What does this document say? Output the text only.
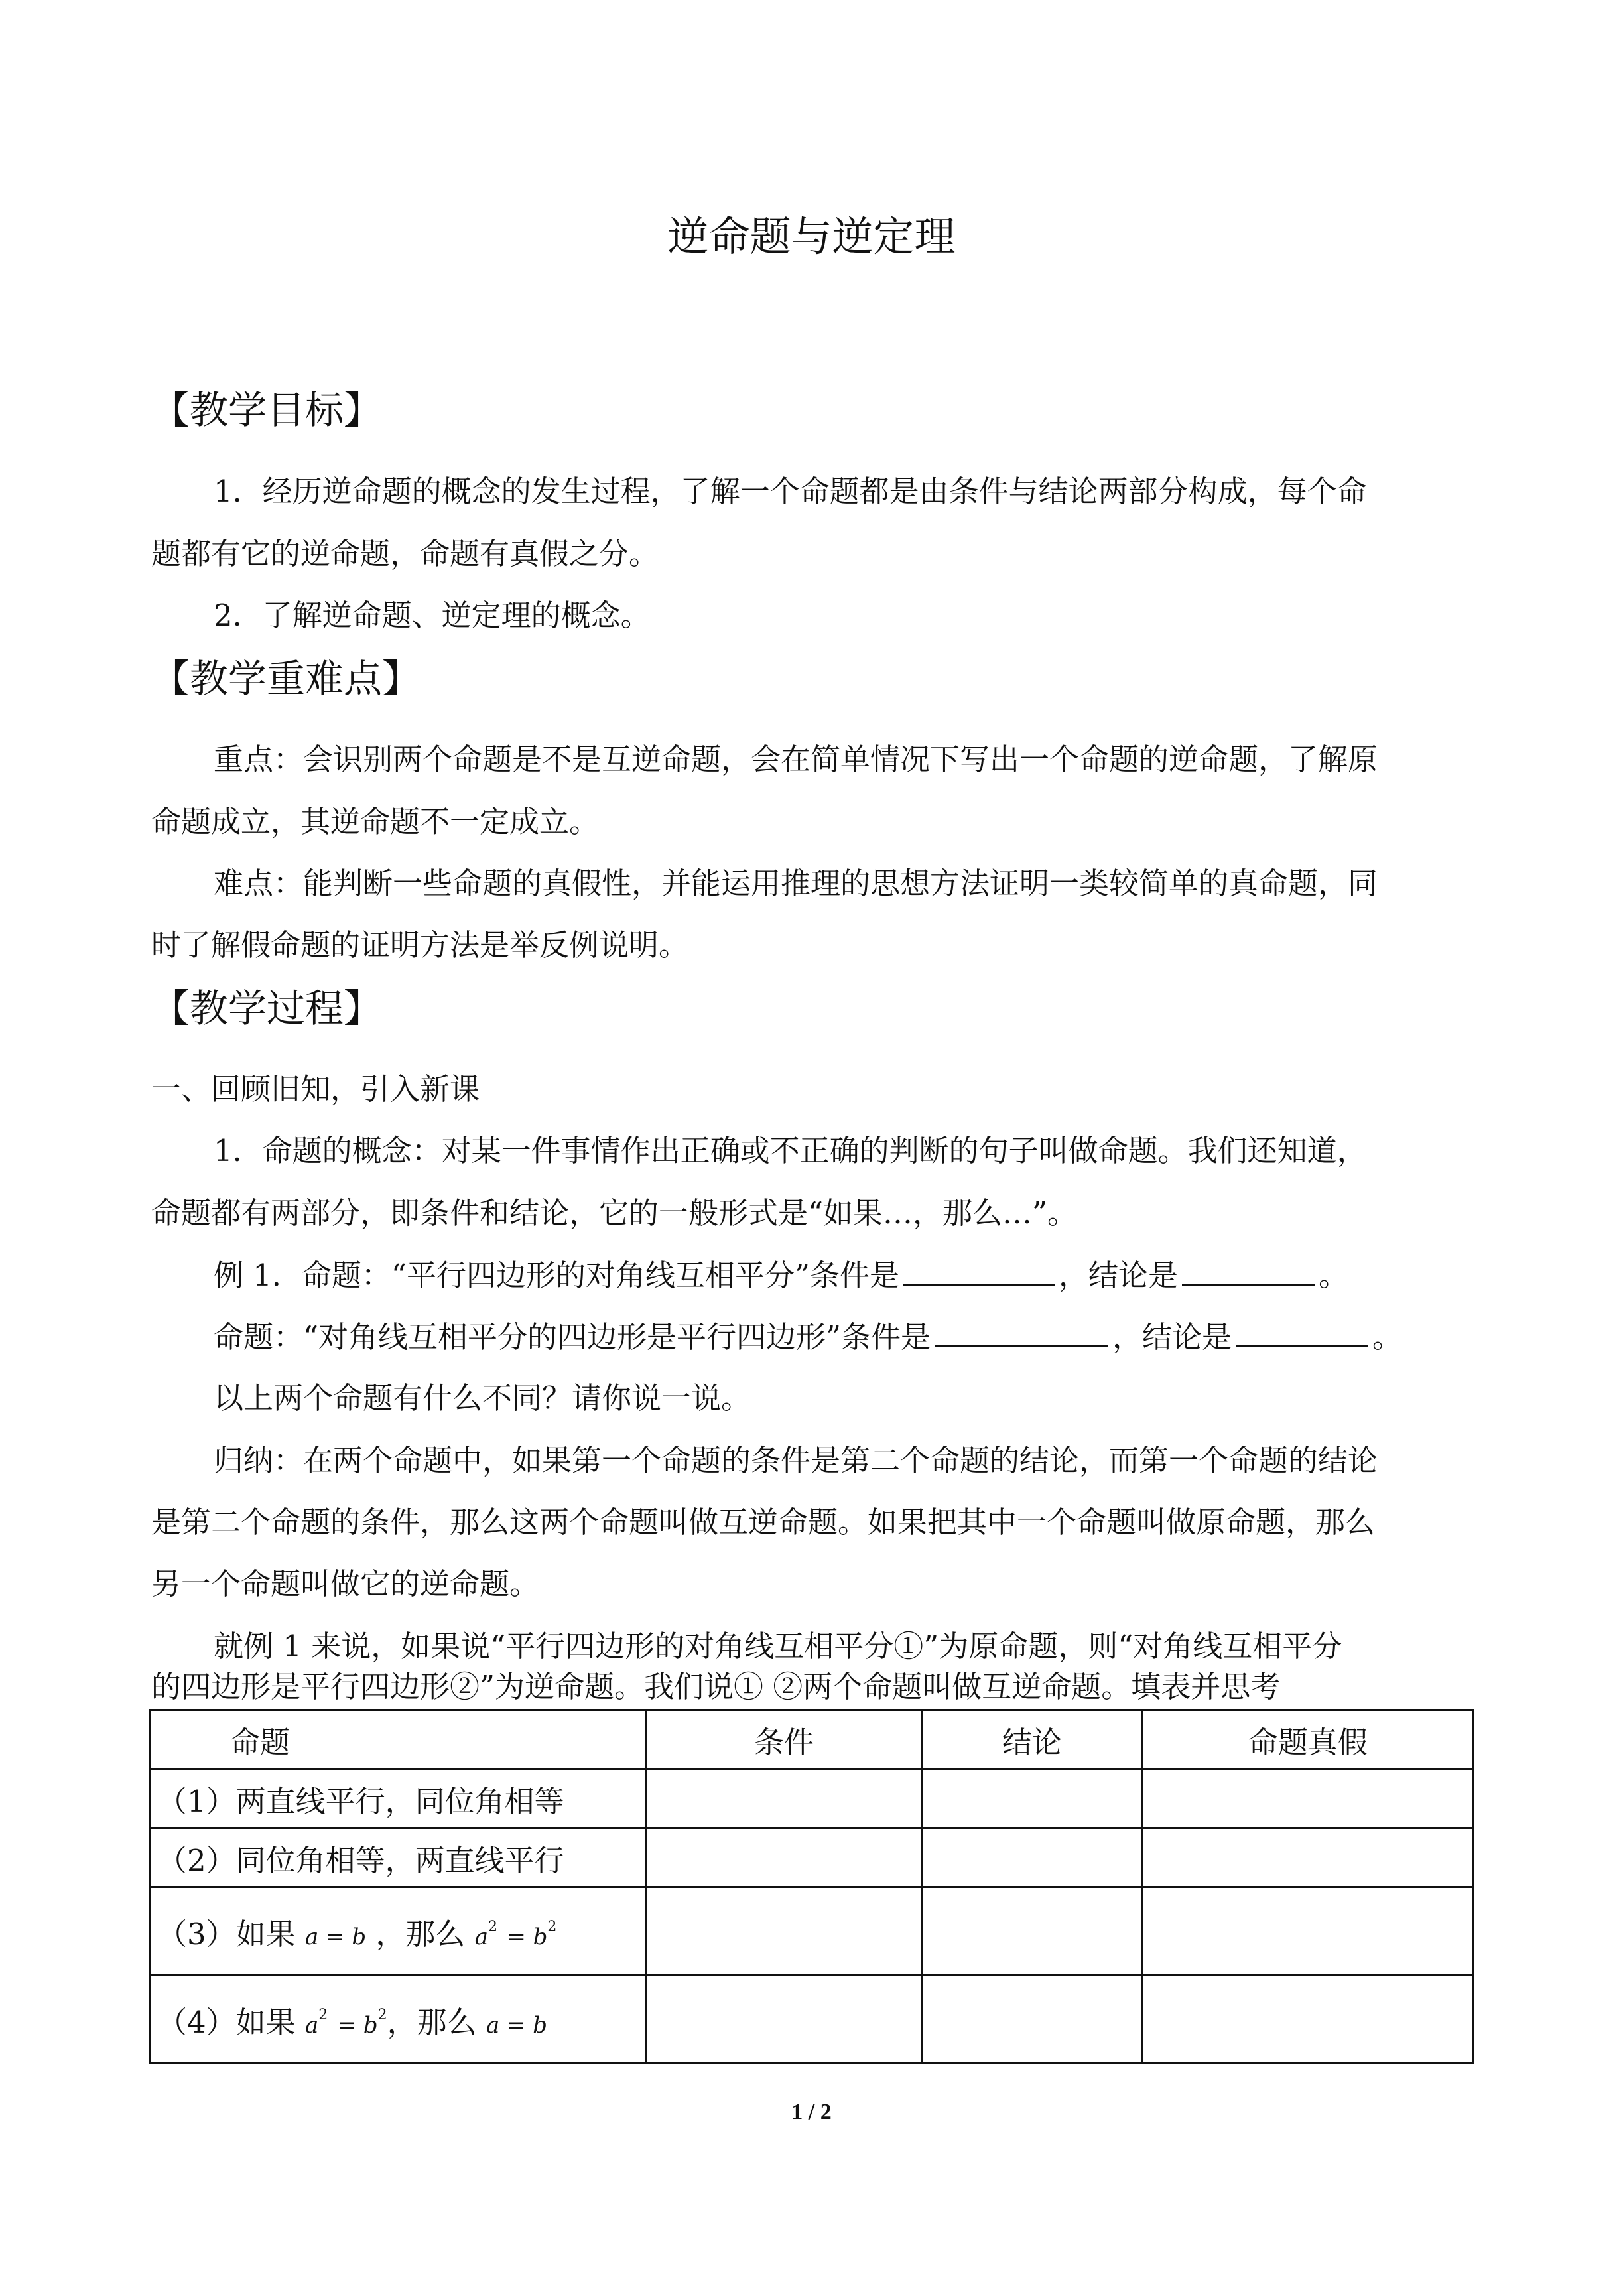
逆命题与逆定理
【教学目标】
1．经历逆命题的概念的发生过程，了解一个命题都是由条件与结论两部分构成，每个命
题都有它的逆命题，命题有真假之分。
2．了解逆命题、逆定理的概念。
【教学重难点】
重点：会识别两个命题是不是互逆命题，会在简单情况下写出一个命题的逆命题，了解原
命题成立，其逆命题不一定成立。
难点：能判断一些命题的真假性，并能运用推理的思想方法证明一类较简单的真命题，同
时了解假命题的证明方法是举反例说明。
【教学过程】
一、回顾旧知，引入新课
1．命题的概念：对某一件事情作出正确或不正确的判断的句子叫做命题。我们还知道，
命题都有两部分，即条件和结论，它的一般形式是“如果…，那么…”。
例 1．命题：“平行四边形的对角线互相平分”条件是	，结论是	。
命题：“对角线互相平分的四边形是平行四边形”条件是	，结论是	。
以上两个命题有什么不同？请你说一说。
归纳：在两个命题中，如果第一个命题的条件是第二个命题的结论，而第一个命题的结论
是第二个命题的条件，那么这两个命题叫做互逆命题。如果把其中一个命题叫做原命题，那么
另一个命题叫做它的逆命题。
就例 1 来说，如果说“平行四边形的对角线互相平分①”为原命题，则“对角线互相平分
的四边形是平行四边形②”为逆命题。我们说① ②两个命题叫做互逆命题。填表并思考
命题	条件	结论	命题真假
（1）两直线平行，同位角相等			
（2）同位角相等，两直线平行			
（3）如果 a = b ，那么 $a^2 = b^2$			
（4）如果 $a^2 = b^2$，那么 a = b			
1 / 2
